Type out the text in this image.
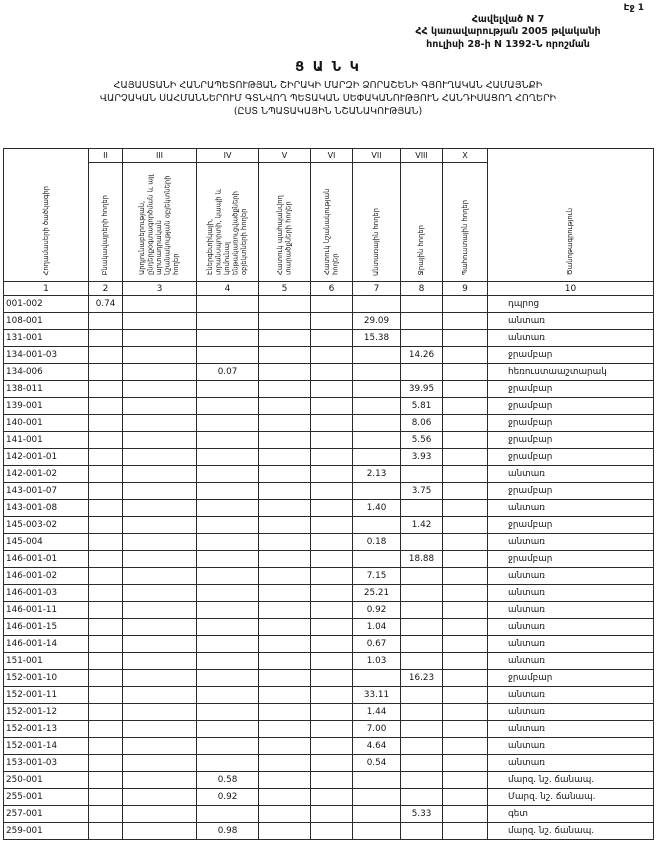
Էջ 1
Հավելված N 7
ՀՀ կառավարության 2005 թվականի
հուլիսի 28-ի N 1392-Ն որոշման
Ց Ա Ն Կ
ՀԱՅԱՍՏԱՆԻ ՀԱՆՐԱՊԵՏՈՒԹՅԱՆ ՇԻՐԱԿԻ ՄԱՐԶԻ ՁՈՐԱՇԵՆԻ ԳՅՈՒՂԱԿԱՆ ՀԱՄԱՅՆՔԻ
ՎԱՐՉԱԿԱՆ ՍԱՀՄԱՆՆԵՐՈՒՄ ԳՏՆՎՈՂ ՊԵՏԱԿԱՆ ՍԵՓԱԿԱՆՈՒԹՅՈՒՆ ՀԱՆԴԻՍԱՑՈՂ ՀՈՂԵՐԻ
(ԸՍՏ ՆՊԱՏԱԿԱՅԻՆ ՆՇԱՆԱԿՈՒԹՅԱՆ)
Հողամասերի ծածկագիր	II	III	IV	V	VI	VII	VIII	X	Ծանոթագրություն
	Բնակավայրերի հողեր	Արդյունաբերության, ընդերքօգտագործման և այլ արտադրական նշանակության օբյեկտների հողեր	Էներգետիկայի, տրանսպորտի, կապի և կոմունալ ենթակառուցվածքների օբյեկտների հողեր	Հատուկ պահպանվող տարածքների հողեր	Հատուկ նշանակության հողեր	Անտառային հողեր	Ջրային հողեր	Պահուստային հողեր	
1	2	3	4	5	6	7	8	9	10
001-002	0.74								դպրոց
108-001						29.09			անտառ
131-001						15.38			անտառ
134-001-03							14.26		ջրամբար
134-006			0.07						հեռուստաաշտարակ
138-011							39.95		ջրամբար
139-001							5.81		ջրամբար
140-001							8.06		ջրամբար
141-001							5.56		ջրամբար
142-001-01							3.93		ջրամբար
142-001-02						2.13			անտառ
143-001-07							3.75		ջրամբար
143-001-08						1.40			անտառ
145-003-02							1.42		ջրամբար
145-004						0.18			անտառ
146-001-01							18.88		ջրամբար
146-001-02						7.15			անտառ
146-001-03						25.21			անտառ
146-001-11						0.92			անտառ
146-001-15						1.04			անտառ
146-001-14						0.67			անտառ
151-001						1.03			անտառ
152-001-10							16.23		ջրամբար
152-001-11						33.11			անտառ
152-001-12						1.44			անտառ
152-001-13						7.00			անտառ
152-001-14						4.64			անտառ
153-001-03						0.54			անտառ
250-001			0.58						մարզ. նշ. ճանապ.
255-001			0.92						Մարզ. նշ. ճանապ.
257-001							5.33		գետ
259-001			0.98						մարզ. նշ. ճանապ.
